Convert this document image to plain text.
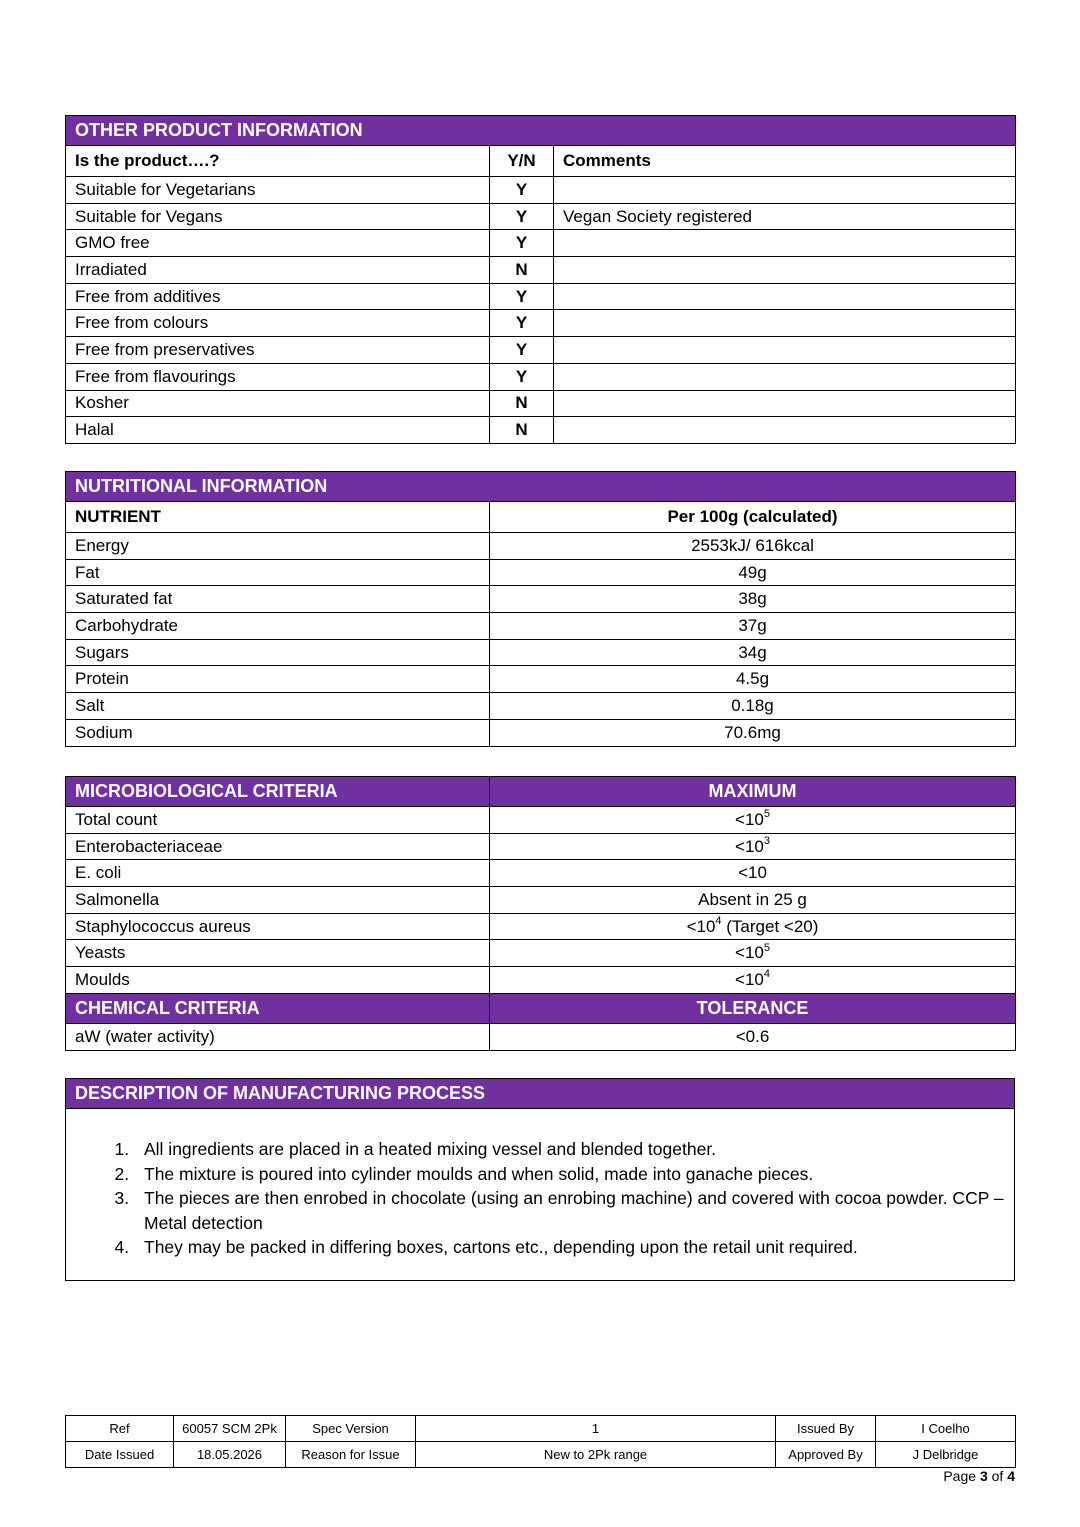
OTHER PRODUCT INFORMATION		
Is the product….?	Y/N	Comments
Suitable for Vegetarians	Y	
Suitable for Vegans	Y	Vegan Society registered
GMO free	Y	
Irradiated	N	
Free from additives	Y	
Free from colours	Y	
Free from preservatives	Y	
Free from flavourings	Y	
Kosher	N	
Halal	N	
NUTRITIONAL INFORMATION	
NUTRIENT	Per 100g (calculated)
Energy	2553kJ/ 616kcal
Fat	49g
Saturated fat	38g
Carbohydrate	37g
Sugars	34g
Protein	4.5g
Salt	0.18g
Sodium	70.6mg
MICROBIOLOGICAL CRITERIA	MAXIMUM
Total count	$<10^5$
Enterobacteriaceae	$<10^3$
E. coli	<10
Salmonella	Absent in 25 g
Staphylococcus aureus	$<10^4$ (Target <20)
Yeasts	$<10^5$
Moulds	$<10^4$
CHEMICAL CRITERIA	TOLERANCE
aW (water activity)	<0.6
DESCRIPTION OF MANUFACTURING PROCESS

1. All ingredients are placed in a heated mixing vessel and blended together.
2. The mixture is poured into cylinder moulds and when solid, made into ganache pieces.
3. The pieces are then enrobed in chocolate (using an enrobing machine) and covered with cocoa powder. CCP – Metal detection
4. They may be packed in differing boxes, cartons etc., depending upon the retail unit required.
Ref	60057 SCM 2Pk	Spec Version	1	Issued By	I Coelho
Date Issued	18.05.2026	Reason for Issue	New to 2Pk range	Approved By	J Delbridge
Page 3 of 4
